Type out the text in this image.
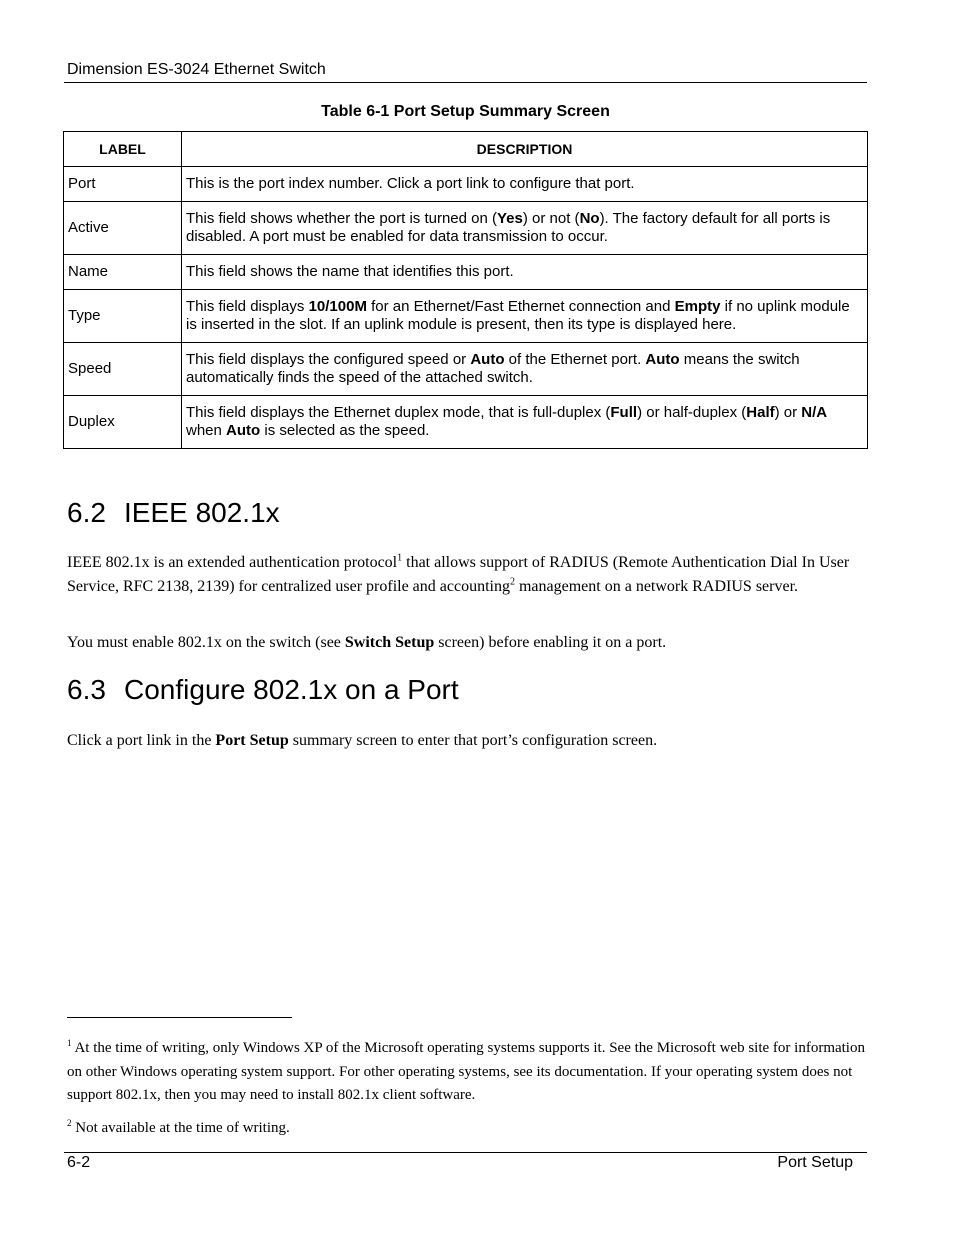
Dimension ES-3024 Ethernet Switch
Table 6-1 Port Setup Summary Screen
LABEL	DESCRIPTION
Port	This is the port index number. Click a port link to configure that port.
Active	This field shows whether the port is turned on (Yes) or not (No). The factory default for all ports is disabled. A port must be enabled for data transmission to occur.
Name	This field shows the name that identifies this port.
Type	This field displays 10/100M for an Ethernet/Fast Ethernet connection and Empty if no uplink module is inserted in the slot. If an uplink module is present, then its type is displayed here.
Speed	This field displays the configured speed or Auto of the Ethernet port. Auto means the switch automatically finds the speed of the attached switch.
Duplex	This field displays the Ethernet duplex mode, that is full-duplex (Full) or half-duplex (Half) or N/A when Auto is selected as the speed.
6.2 IEEE 802.1x

IEEE 802.1x is an extended authentication protocol$^1$ that allows support of RADIUS (Remote Authentication Dial In User Service, RFC 2138, 2139) for centralized user profile and accounting$^2$ management on a network RADIUS server.

You must enable 802.1x on the switch (see Switch Setup screen) before enabling it on a port.

6.3 Configure 802.1x on a Port

Click a port link in the Port Setup summary screen to enter that port’s configuration screen.

$^1$ At the time of writing, only Windows XP of the Microsoft operating systems supports it. See the Microsoft web site for information on other Windows operating system support. For other operating systems, see its documentation. If your operating system does not support 802.1x, then you may need to install 802.1x client software.

$^2$ Not available at the time of writing.

6-2	Port Setup
